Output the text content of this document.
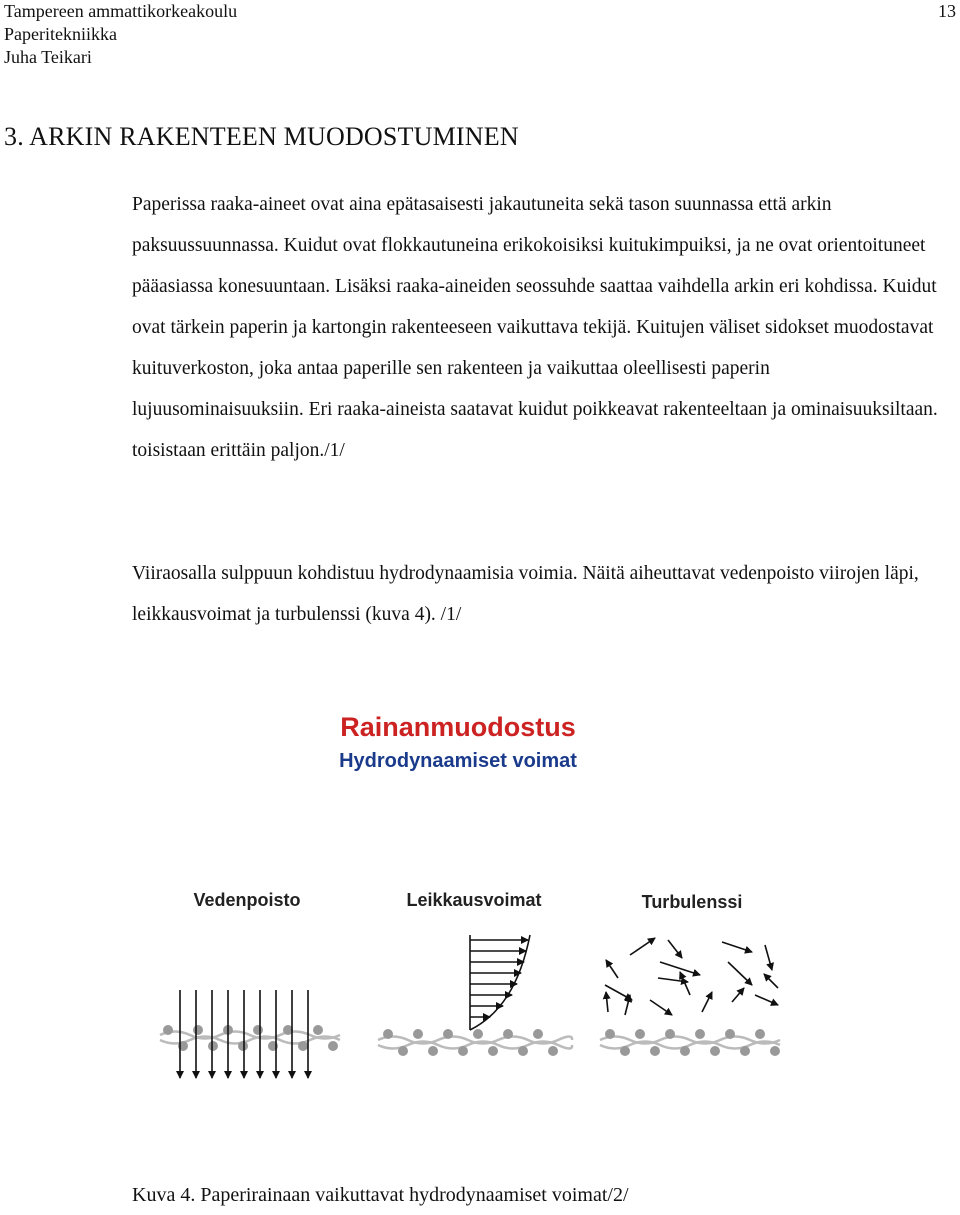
Tampereen ammattikorkeakoulu
Paperitekniikka
Juha Teikari
13
3. ARKIN RAKENTEEN MUODOSTUMINEN
Paperissa raaka-aineet ovat aina epätasaisesti jakautuneita sekä tason suunnassa että arkin paksuussuunnassa. Kuidut ovat flokkautuneina erikokoisiksi kuitukimpuiksi, ja ne ovat orientoituneet pääasiassa konesuuntaan. Lisäksi raaka-aineiden seossuhde saattaa vaihdella arkin eri kohdissa. Kuidut ovat tärkein paperin ja kartongin rakenteeseen vaikuttava tekijä. Kuitujen väliset sidokset muodostavat kuituverkoston, joka antaa paperille sen rakenteen ja vaikuttaa oleellisesti paperin lujuusominaisuuksiin. Eri raaka-aineista saatavat kuidut poikkeavat rakenteeltaan ja ominaisuuksiltaan. toisistaan erittäin paljon./1/
Viiraosalla sulppuun kohdistuu hydrodynaamisia voimia. Näitä aiheuttavat vedenpoisto viirojen läpi, leikkausvoimat ja turbulenssi (kuva 4). /1/
Rainanmuodostus
Hydrodynaamiset voimat
Vedenpoisto	Leikkausvoimat	Turbulenssi
Kuva 4. Paperirainaan vaikuttavat hydrodynaamiset voimat/2/
